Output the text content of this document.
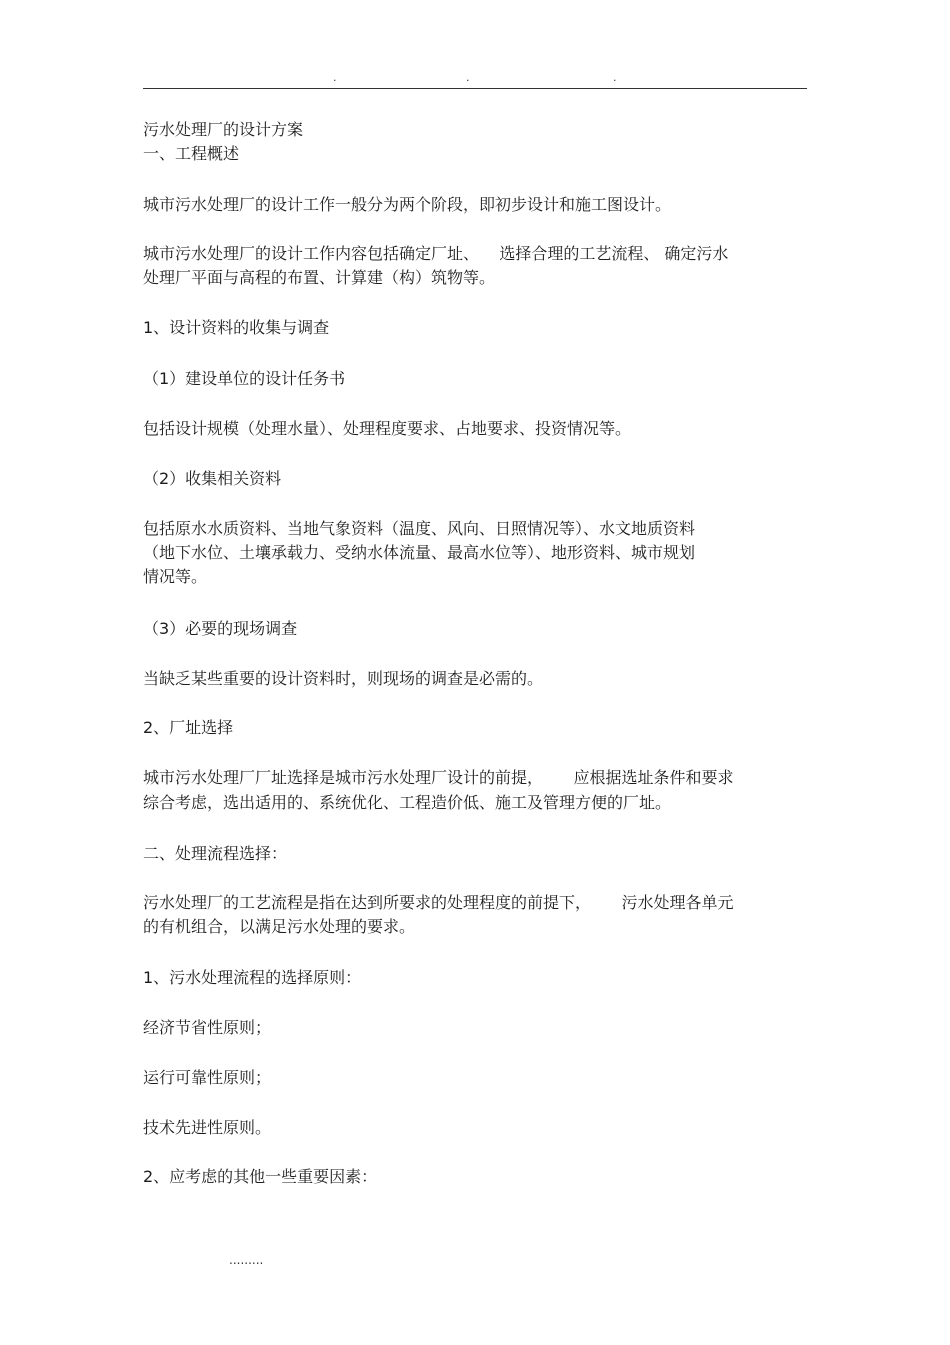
.	.	.
污水处理厂的设计方案
一、工程概述
城市污水处理厂的设计工作一般分为两个阶段，即初步设计和施工图设计。
城市污水处理厂的设计工作内容包括确定厂址、    选择合理的工艺流程、 确定污水
处理厂平面与高程的布置、计算建（构）筑物等。
1、设计资料的收集与调查
（1）建设单位的设计任务书
包括设计规模（处理水量）、处理程度要求、占地要求、投资情况等。
（2）收集相关资料
包括原水水质资料、当地气象资料（温度、风向、日照情况等）、水文地质资料
（地下水位、土壤承载力、受纳水体流量、最高水位等）、地形资料、城市规划
情况等。
（3）必要的现场调查
当缺乏某些重要的设计资料时，则现场的调查是必需的。
2、厂址选择
城市污水处理厂厂址选择是城市污水处理厂设计的前提，      应根据选址条件和要求
综合考虑，选出适用的、系统优化、工程造价低、施工及管理方便的厂址。
二、处理流程选择：
污水处理厂的工艺流程是指在达到所要求的处理程度的前提下，      污水处理各单元
的有机组合，以满足污水处理的要求。
1、污水处理流程的选择原则：
经济节省性原则；
运行可靠性原则；
技术先进性原则。
2、应考虑的其他一些重要因素：
.........
